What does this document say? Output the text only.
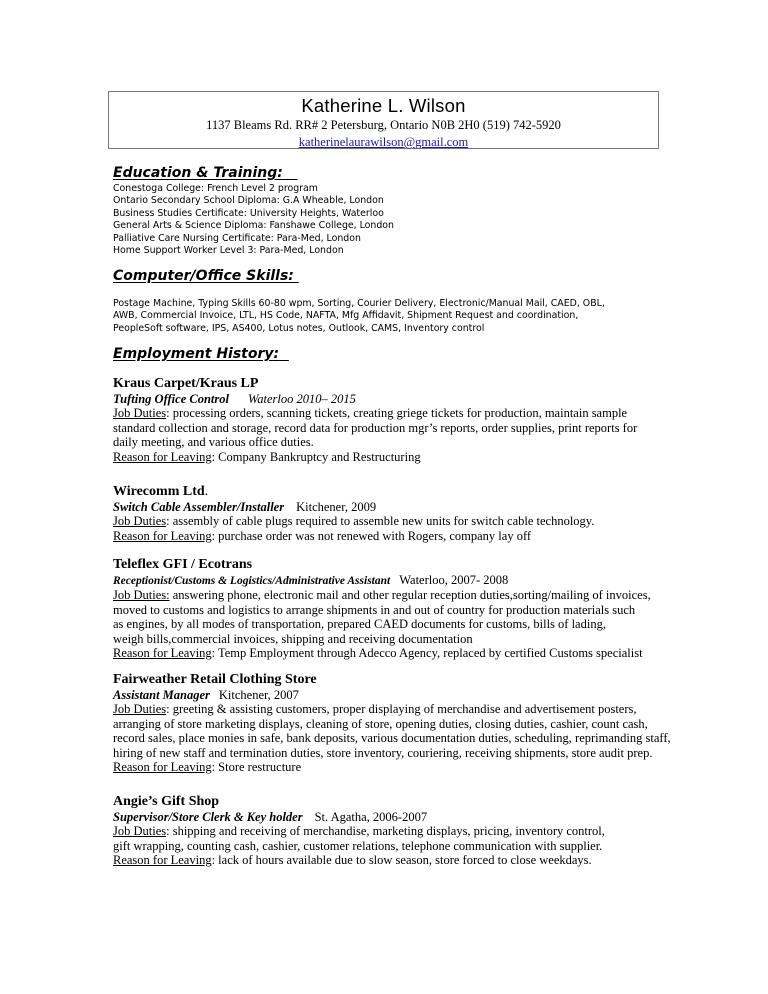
Katherine L. Wilson
1137 Bleams Rd. RR# 2 Petersburg, Ontario N0B 2H0 (519) 742-5920
katherinelaurawilson@gmail.com
Education & Training:
Conestoga College: French Level 2 program
Ontario Secondary School Diploma: G.A Wheable, London
Business Studies Certificate: University Heights, Waterloo
General Arts & Science Diploma: Fanshawe College, London
Palliative Care Nursing Certificate: Para-Med, London
Home Support Worker Level 3: Para-Med, London
Computer/Office Skills:
Postage Machine, Typing Skills 60-80 wpm, Sorting, Courier Delivery, Electronic/Manual Mail, CAED, OBL,
AWB, Commercial Invoice, LTL, HS Code, NAFTA, Mfg Affidavit, Shipment Request and coordination,
PeopleSoft software, IPS, AS400, Lotus notes, Outlook, CAMS, Inventory control
Employment History:
Kraus Carpet/Kraus LP
Tufting Office Control Waterloo 2010– 2015
Job Duties: processing orders, scanning tickets, creating griege tickets for production, maintain sample
standard collection and storage, record data for production mgr’s reports, order supplies, print reports for
daily meeting, and various office duties.
Reason for Leaving: Company Bankruptcy and Restructuring
Wirecomm Ltd.
Switch Cable Assembler/Installer Kitchener, 2009
Job Duties: assembly of cable plugs required to assemble new units for switch cable technology.
Reason for Leaving: purchase order was not renewed with Rogers, company lay off
Teleflex GFI / Ecotrans
Receptionist/Customs & Logistics/Administrative Assistant Waterloo, 2007- 2008
Job Duties: answering phone, electronic mail and other regular reception duties,sorting/mailing of invoices,
moved to customs and logistics to arrange shipments in and out of country for production materials such
as engines, by all modes of transportation, prepared CAED documents for customs, bills of lading,
weigh bills,commercial invoices, shipping and receiving documentation
Reason for Leaving: Temp Employment through Adecco Agency, replaced by certified Customs specialist
Fairweather Retail Clothing Store
Assistant Manager Kitchener, 2007
Job Duties: greeting & assisting customers, proper displaying of merchandise and advertisement posters,
arranging of store marketing displays, cleaning of store, opening duties, closing duties, cashier, count cash,
record sales, place monies in safe, bank deposits, various documentation duties, scheduling, reprimanding staff,
hiring of new staff and termination duties, store inventory, couriering, receiving shipments, store audit prep.
Reason for Leaving: Store restructure
Angie’s Gift Shop
Supervisor/Store Clerk & Key holder St. Agatha, 2006-2007
Job Duties: shipping and receiving of merchandise, marketing displays, pricing, inventory control,
gift wrapping, counting cash, cashier, customer relations, telephone communication with supplier.
Reason for Leaving: lack of hours available due to slow season, store forced to close weekdays.
